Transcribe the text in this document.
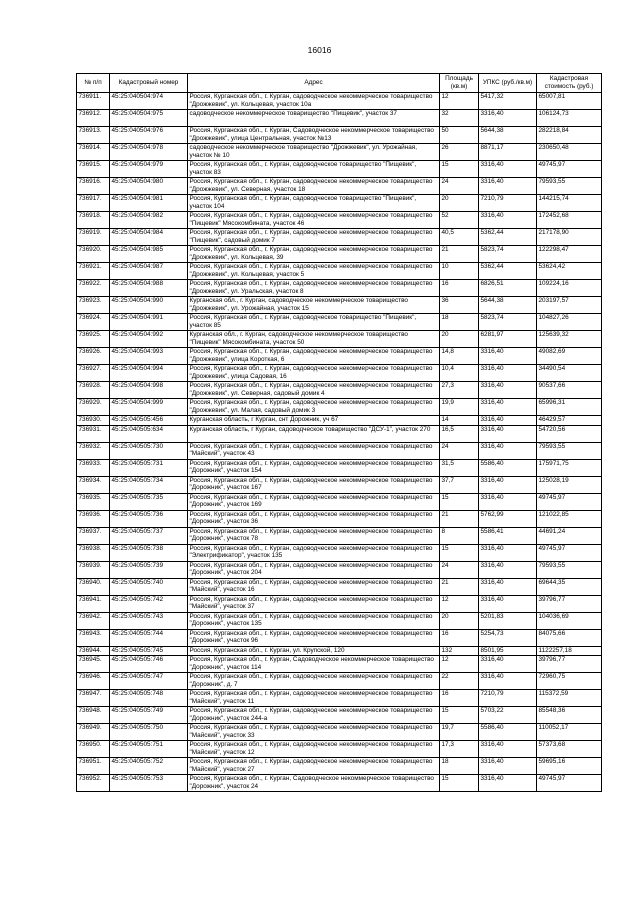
16016
№ п/п	Кадастровый номер	Адрес	Площадь (кв.м)	УПКС (руб./кв.м)	Кадастровая стоимость (руб.)
736911.	45:25:040504:974	Россия, Курганская обл., г. Курган, садоводческое некоммерческое товарищество "Дрожжевик", ул. Кольцевая, участок 10а	12	5417,32	65007,81
736912.	45:25:040504:975	садоводческое некоммерческое товарищество "Пищевик", участок 37	32	3316,40	106124,73
736913.	45:25:040504:976	Россия, Курганская обл., г. Курган, Садоводческое некоммерческое товарищество "Дрожжевик", улица Центральная, участок №13	50	5644,38	282218,84
736914.	45:25:040504:978	садоводческое некоммерческое товарищество "Дрожжевик", ул. Урожайная, участок № 10	26	8871,17	230650,48
736915.	45:25:040504:979	Россия, Курганская обл., г. Курган, садоводческое товарищество "Пищевик", участок 83	15	3316,40	49745,97
736916.	45:25:040504:980	Россия, Курганская обл., г. Курган, садоводческое некоммерческое товарищество "Дрожжевик", ул. Северная, участок 18	24	3316,40	79593,55
736917.	45:25:040504:981	Россия, Курганская обл., г. Курган, садоводческое товарищество "Пищевик", участок 104	20	7210,79	144215,74
736918.	45:25:040504:982	Россия, Курганская обл., г. Курган, садоводческое некоммерческое товарищество "Пищевик" Мясокомбината, участок 46	52	3316,40	172452,68
736919.	45:25:040504:984	Россия, Курганская обл., г. Курган, садоводческое некоммерческое товарищество "Пищевик", садовый домик 7	40,5	5362,44	217178,90
736920.	45:25:040504:985	Россия, Курганская обл., г. Курган, садоводческое некоммерческое товарищество "Дрожжевик", ул. Кольцевая, 39	21	5823,74	122298,47
736921.	45:25:040504:987	Россия, Курганская обл., г. Курган, садоводческое некоммерческое товарищество "Дрожжевик", ул. Кольцевая, участок 5	10	5362,44	53624,42
736922.	45:25:040504:988	Россия, Курганская обл., г. Курган, садоводческое некоммерческое товарищество "Дрожжевик", ул. Уральская, участок 8	16	6826,51	109224,16
736923.	45:25:040504:990	Курганская обл., г. Курган, садоводческое некоммерческое товарищество "Дрожжевик", ул. Урожайная, участок 15	36	5644,38	203197,57
736924.	45:25:040504:991	Россия, Курганская обл., г. Курган, садоводческое товарищество "Пищевик", участок 85	18	5823,74	104827,26
736925.	45:25:040504:992	Курганская обл., г. Курган, садоводческое некоммерческое товарищество "Пищевик" Мясокомбината, участок 50	20	6281,97	125639,32
736926.	45:25:040504:993	Россия, Курганская обл., г. Курган, садоводческое некоммерческое товарищество "Дрожжевик", улица Короткая, 6	14,8	3316,40	49082,69
736927.	45:25:040504:994	Россия, Курганская обл., г. Курган, садоводческое некоммерческое товарищество "Дрожжевик", улица Садовая, 16	10,4	3316,40	34490,54
736928.	45:25:040504:998	Россия, Курганская обл., г. Курган, садоводческое некоммерческое товарищество "Дрожжевик", ул. Северная, садовый домик 4	27,3	3316,40	90537,66
736929.	45:25:040504:999	Россия, Курганская обл., г. Курган, садоводческое некоммерческое товарищество "Дрожжевик", ул. Малая, садовый домик 3	19,9	3316,40	65996,31
736930.	45:25:040505:456	Курганская область, г Курган, снт Дорожник, уч 67	14	3316,40	46429,57
736931.	45:25:040505:634	Курганская область, г Курган, садоводческое товарищество "ДСУ-1", участок 270	16,5	3316,40	54720,56
736932.	45:25:040505:730	Россия, Курганская обл., г. Курган, садоводческое некоммерческое товарищество "Майский", участок 43	24	3316,40	79593,55
736933.	45:25:040505:731	Россия, Курганская обл., г. Курган, садоводческое некоммерческое товарищество "Дорожник", участок 154	31,5	5586,40	175971,75
736934.	45:25:040505:734	Россия, Курганская обл., г. Курган, садоводческое некоммерческое товарищество "Дорожник", участок 167	37,7	3316,40	125028,19
736935.	45:25:040505:735	Россия, Курганская обл., г. Курган, садоводческое некоммерческое товарищество "Дорожник", участок 169	15	3316,40	49745,97
736936.	45:25:040505:736	Россия, Курганская обл., г. Курган, садоводческое некоммерческое товарищество "Дорожник", участок 36	21	5762,99	121022,85
736937.	45:25:040505:737	Россия, Курганская обл., г. Курган, садоводческое некоммерческое товарищество "Дорожник", участок 78	8	5586,41	44691,24
736938.	45:25:040505:738	Россия, Курганская обл., г. Курган, садоводческое некоммерческое товарищество "Электрификатор", участок 135	15	3316,40	49745,97
736939.	45:25:040505:739	Россия, Курганская обл., г. Курган, садоводческое некоммерческое товарищество "Дорожник", участок 204	24	3316,40	79593,55
736940.	45:25:040505:740	Россия, Курганская обл., г. Курган, садоводческое некоммерческое товарищество "Майский", участок 16	21	3316,40	69644,35
736941.	45:25:040505:742	Россия, Курганская обл., г. Курган, садоводческое некоммерческое товарищество "Майский", участок 37	12	3316,40	39796,77
736942.	45:25:040505:743	Россия, Курганская обл., г. Курган, садоводческое некоммерческое товарищество "Дорожник", участок 135	20	5201,83	104036,69
736943.	45:25:040505:744	Россия, Курганская обл., г. Курган, садоводческое некоммерческое товарищество "Дорожник", участок 96	16	5254,73	84075,66
736944.	45:25:040505:745	Россия, Курганская обл., г. Курган, ул. Крупской, 120	132	8501,95	1122257,18
736945.	45:25:040505:746	Россия, Курганская обл., г. Курган, Садоводческое некоммерческое товарищество "Дорожник", участок 114	12	3316,40	39796,77
736946.	45:25:040505:747	Россия, Курганская обл., г. Курган, садоводческое некоммерческое товарищество "Дорожник", д. 7	22	3316,40	72960,75
736947.	45:25:040505:748	Россия, Курганская обл., г. Курган, садоводческое некоммерческое товарищество "Майский", участок 11	16	7210,79	115372,59
736948.	45:25:040505:749	Россия, Курганская обл., г. Курган, садоводческое некоммерческое товарищество "Дорожник", участок 244-а	15	5703,22	85548,36
736949.	45:25:040505:750	Россия, Курганская обл., г. Курган, садоводческое некоммерческое товарищество "Майский", участок 33	19,7	5586,40	110052,17
736950.	45:25:040505:751	Россия, Курганская обл., г. Курган, садоводческое некоммерческое товарищество "Майский", участок 12	17,3	3316,40	57373,68
736951.	45:25:040505:752	Россия, Курганская обл., г. Курган, садоводческое некоммерческое товарищество "Майский", участок 27	18	3316,40	59695,16
736952.	45:25:040505:753	Россия, Курганская обл., г. Курган, Садоводческое некоммерческое товарищество "Дорожник", участок 24	15	3316,40	49745,97
